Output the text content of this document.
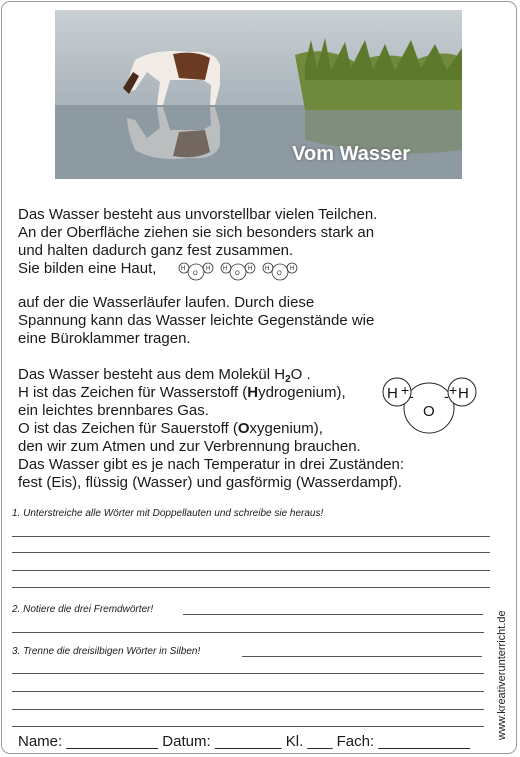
Vom Wasser
Das Wasser besteht aus unvorstellbar vielen Teilchen.
An der Oberfläche ziehen sie sich besonders stark an
und halten dadurch ganz fest zusammen.
Sie bilden eine Haut,	O
H	H
O
H	H
O
H	H
auf der die Wasserläufer laufen. Durch diese
Spannung kann das Wasser leichte Gegenstände wie
eine Büroklammer tragen.
Das Wasser besteht aus dem Molekül $H_2O$ .
H ist das Zeichen für Wasserstoff (Hydrogenium),
ein leichtes brennbares Gas.
O ist das Zeichen für Sauerstoff (Oxygenium),
den wir zum Atmen und zur Verbrennung brauchen.
Das Wasser gibt es je nach Temperatur in drei Zuständen:
fest (Eis), flüssig (Wasser) und gasförmig (Wasserdampf).
H + -
O
- + H
1. Unterstreiche alle Wörter mit Doppellauten und schreibe sie heraus!
2. Notiere die drei Fremdwörter!
3. Trenne die dreisilbigen Wörter in Silben!
Name: ___________ Datum: ________ Kl. ___ Fach: ___________
www.kreativerunterricht.de
